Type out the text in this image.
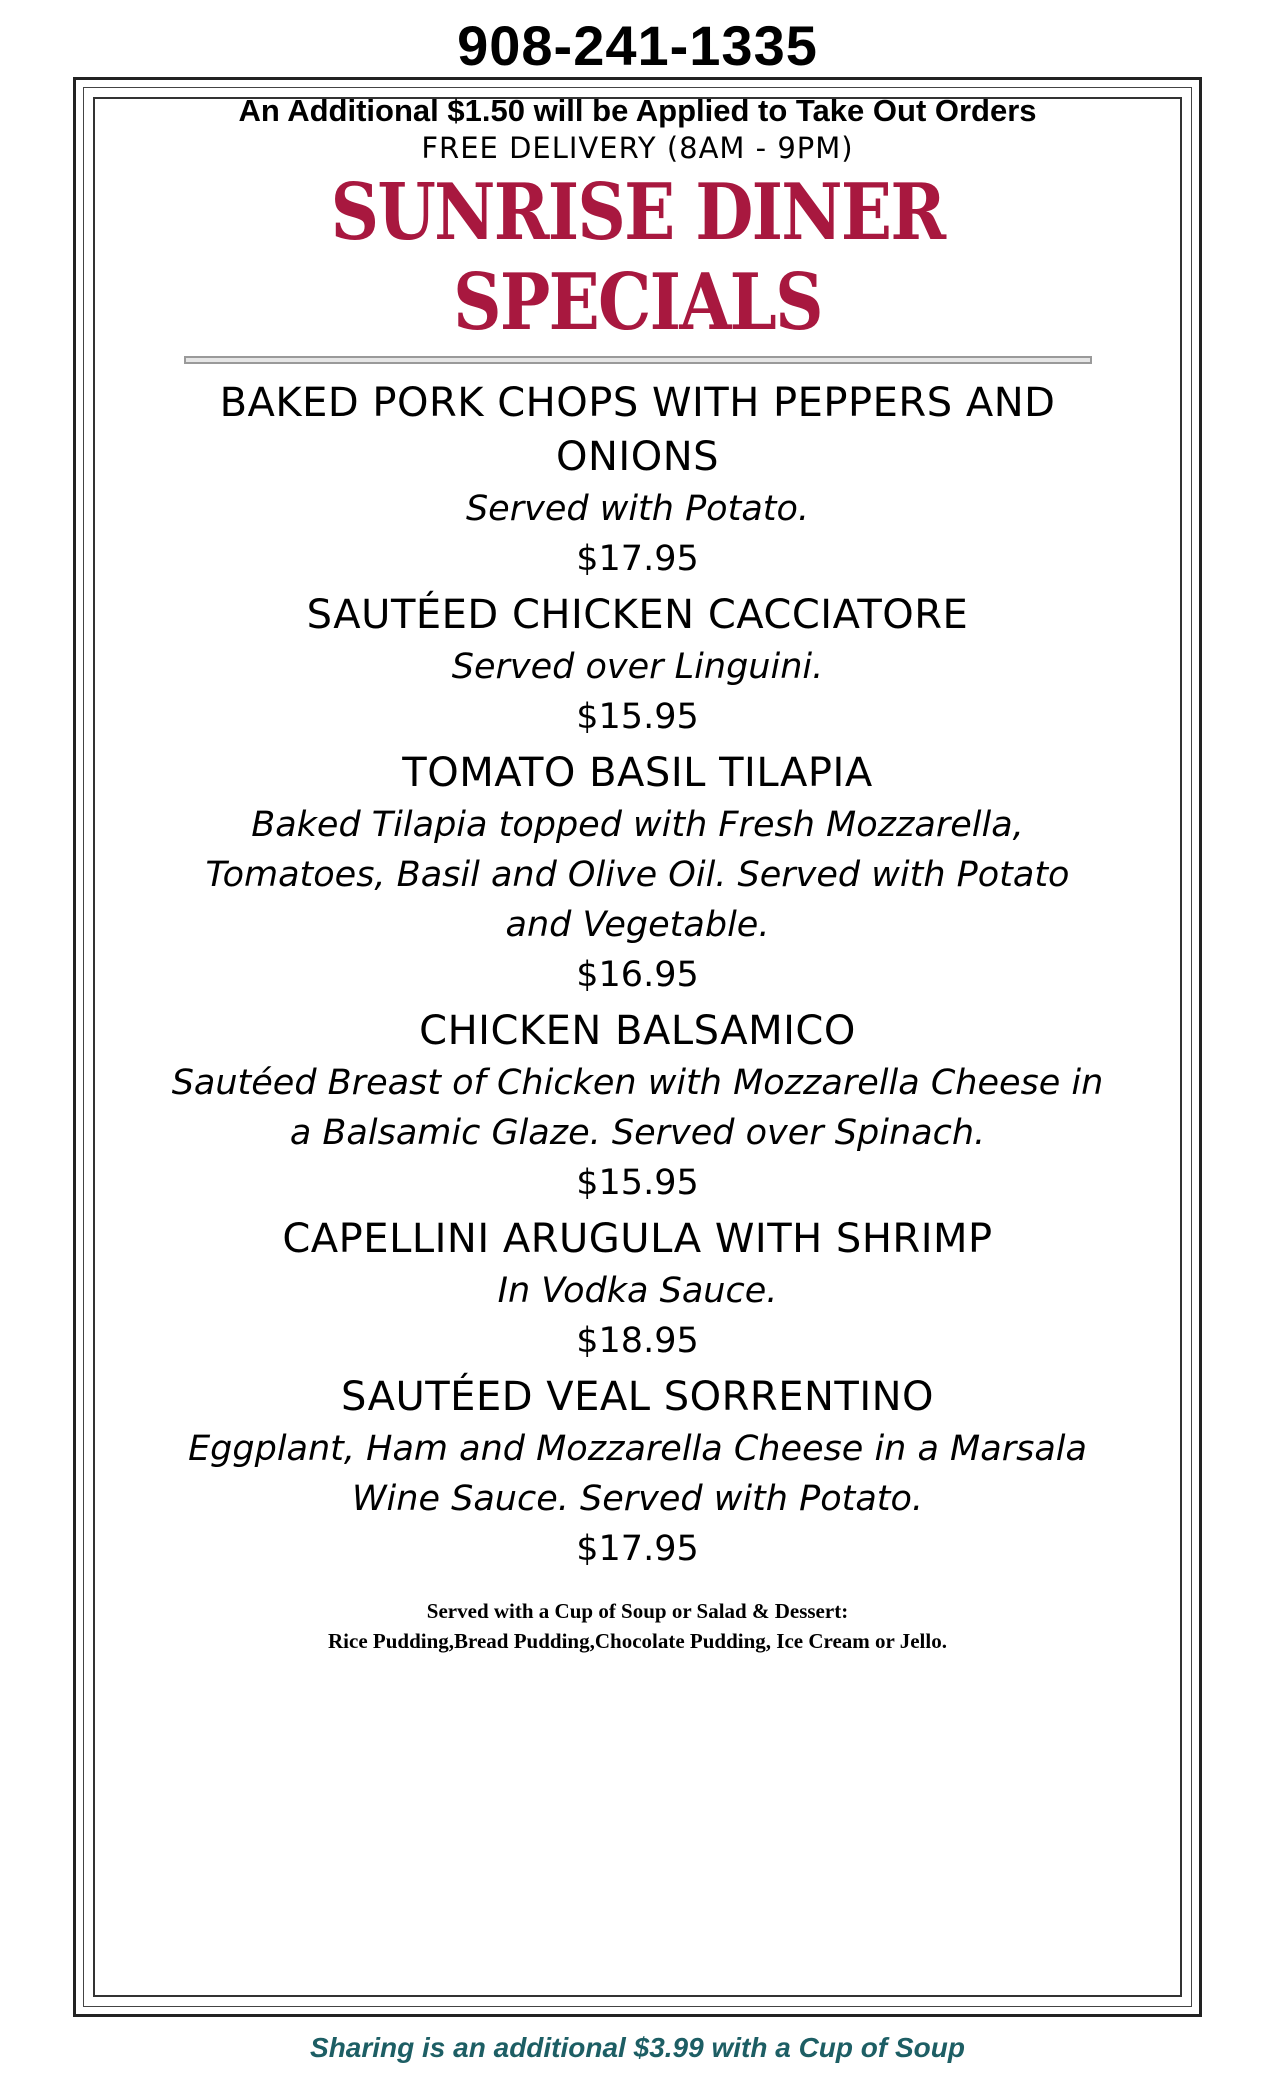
908-241-1335

An Additional $1.50 will be Applied to Take Out Orders

FREE DELIVERY (8AM - 9PM)

SUNRISE DINER SPECIALS

BAKED PORK CHOPS WITH PEPPERS AND ONIONS

Served with Potato.

$17.95

SAUTÉED CHICKEN CACCIATORE

Served over Linguini.

$15.95

TOMATO BASIL TILAPIA

Baked Tilapia topped with Fresh Mozzarella, Tomatoes, Basil and Olive Oil. Served with Potato and Vegetable.

$16.95

CHICKEN BALSAMICO

Sautéed Breast of Chicken with Mozzarella Cheese in a Balsamic Glaze. Served over Spinach.

$15.95

CAPELLINI ARUGULA WITH SHRIMP

In Vodka Sauce.

$18.95

SAUTÉED VEAL SORRENTINO

Eggplant, Ham and Mozzarella Cheese in a Marsala Wine Sauce. Served with Potato.

$17.95

Served with a Cup of Soup or Salad & Dessert:
Rice Pudding,Bread Pudding,Chocolate Pudding, Ice Cream or Jello.
Sharing is an additional $3.99 with a Cup of Soup
